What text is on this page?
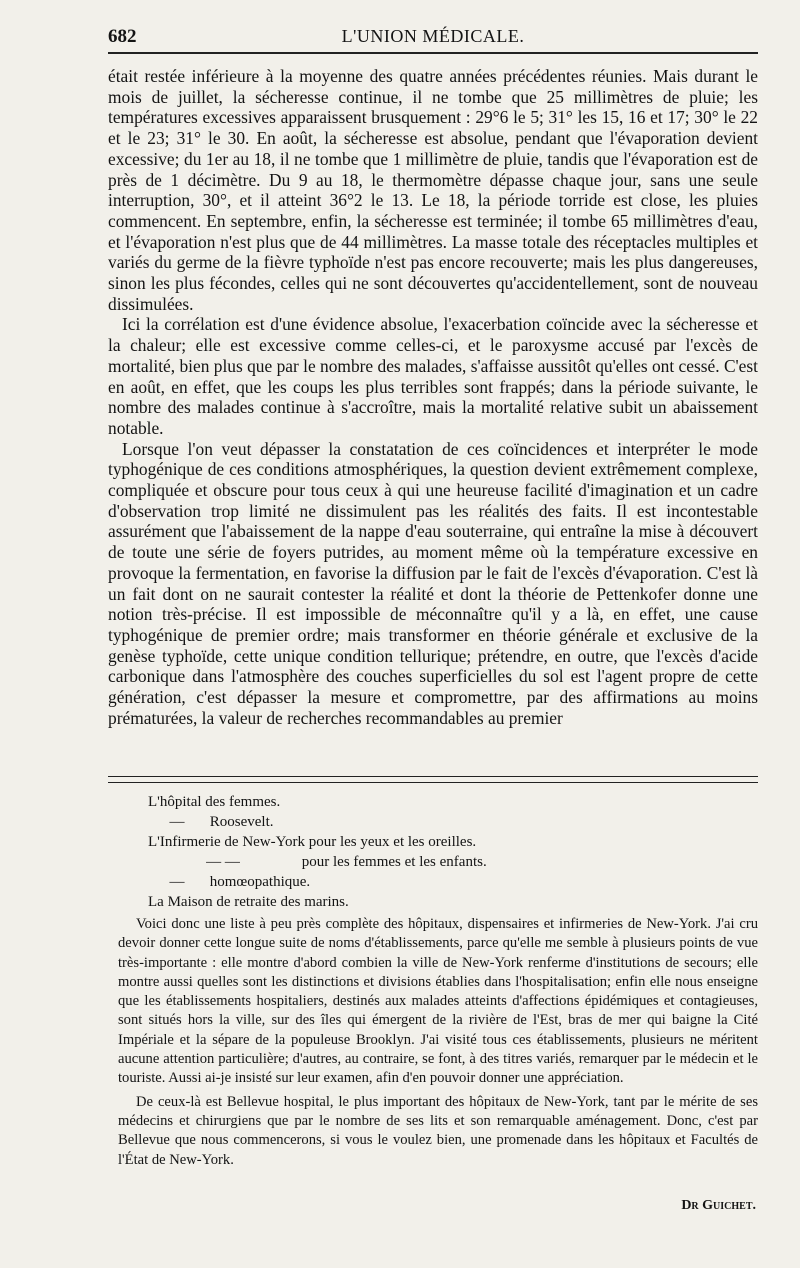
682	L'UNION MÉDICALE.

était restée inférieure à la moyenne des quatre années précédentes réunies. Mais durant le mois de juillet, la sécheresse continue, il ne tombe que 25 millimètres de pluie; les températures excessives apparaissent brusquement : 29°6 le 5; 31° les 15, 16 et 17; 30° le 22 et le 23; 31° le 30. En août, la sécheresse est absolue, pendant que l'évaporation devient excessive; du 1er au 18, il ne tombe que 1 millimètre de pluie, tandis que l'évaporation est de près de 1 décimètre. Du 9 au 18, le thermomètre dépasse chaque jour, sans une seule interruption, 30°, et il atteint 36°2 le 13. Le 18, la période torride est close, les pluies commencent. En septembre, enfin, la sécheresse est terminée; il tombe 65 millimètres d'eau, et l'évaporation n'est plus que de 44 millimètres. La masse totale des réceptacles multiples et variés du germe de la fièvre typhoïde n'est pas encore recouverte; mais les plus dangereuses, sinon les plus fécondes, celles qui ne sont découvertes qu'accidentellement, sont de nouveau dissimulées.

Ici la corrélation est d'une évidence absolue, l'exacerbation coïncide avec la sécheresse et la chaleur; elle est excessive comme celles-ci, et le paroxysme accusé par l'excès de mortalité, bien plus que par le nombre des malades, s'affaisse aussitôt qu'elles ont cessé. C'est en août, en effet, que les coups les plus terribles sont frappés; dans la période suivante, le nombre des malades continue à s'accroître, mais la mortalité relative subit un abaissement notable.

Lorsque l'on veut dépasser la constatation de ces coïncidences et interpréter le mode typhogénique de ces conditions atmosphériques, la question devient extrêmement complexe, compliquée et obscure pour tous ceux à qui une heureuse facilité d'imagination et un cadre d'observation trop limité ne dissimulent pas les réalités des faits. Il est incontestable assurément que l'abaissement de la nappe d'eau souterraine, qui entraîne la mise à découvert de toute une série de foyers putrides, au moment même où la température excessive en provoque la fermentation, en favorise la diffusion par le fait de l'excès d'évaporation. C'est là un fait dont on ne saurait contester la réalité et dont la théorie de Pettenkofer donne une notion très-précise. Il est impossible de méconnaître qu'il y a là, en effet, une cause typhogénique de premier ordre; mais transformer en théorie générale et exclusive de la genèse typhoïde, cette unique condition tellurique; prétendre, en outre, que l'excès d'acide carbonique dans l'atmosphère des couches superficielles du sol est l'agent propre de cette génération, c'est dépasser la mesure et compromettre, par des affirmations au moins prématurées, la valeur de recherches recommandables au premier

L'hôpital des femmes.
— Roosevelt.
L'Infirmerie de New-York pour les yeux et les oreilles.
— —	pour les femmes et les enfants.
— homœopathique.
La Maison de retraite des marins.

Voici donc une liste à peu près complète des hôpitaux, dispensaires et infirmeries de New-York. J'ai cru devoir donner cette longue suite de noms d'établissements, parce qu'elle me semble à plusieurs points de vue très-importante : elle montre d'abord combien la ville de New-York renferme d'institutions de secours; elle montre aussi quelles sont les distinctions et divisions établies dans l'hospitalisation; enfin elle nous enseigne que les établissements hospitaliers, destinés aux malades atteints d'affections épidémiques et contagieuses, sont situés hors la ville, sur des îles qui émergent de la rivière de l'Est, bras de mer qui baigne la Cité Impériale et la sépare de la populeuse Brooklyn. J'ai visité tous ces établissements, plusieurs ne méritent aucune attention particulière; d'autres, au contraire, se font, à des titres variés, remarquer par le médecin et le touriste. Aussi ai-je insisté sur leur examen, afin d'en pouvoir donner une appréciation.

De ceux-là est Bellevue hospital, le plus important des hôpitaux de New-York, tant par le mérite de ses médecins et chirurgiens que par le nombre de ses lits et son remarquable aménagement. Donc, c'est par Bellevue que nous commencerons, si vous le voulez bien, une promenade dans les hôpitaux et Facultés de l'État de New-York.

Dr Guichet.
